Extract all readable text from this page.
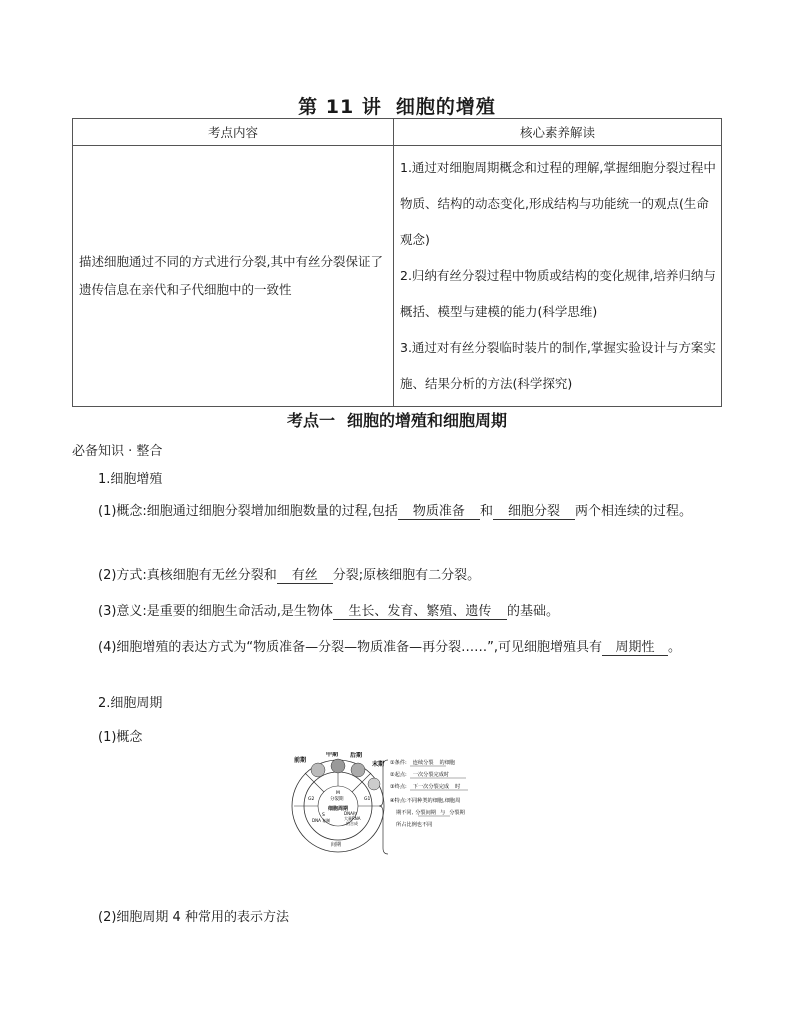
第 11 讲 细胞的增殖
考点内容	核心素养解读
描述细胞通过不同的方式进行分裂,其中有丝分裂保证了遗传信息在亲代和子代细胞中的一致性	1.通过对细胞周期概念和过程的理解,掌握细胞分裂过程中物质、结构的动态变化,形成结构与功能统一的观点(生命观念)
2.归纳有丝分裂过程中物质或结构的变化规律,培养归纳与概括、模型与建模的能力(科学思维)
3.通过对有丝分裂临时装片的制作,掌握实验设计与方案实施、结果分析的方法(科学探究)
考点一 细胞的增殖和细胞周期
必备知识 · 整合
1.细胞增殖
(1)概念:细胞通过细胞分裂增加细胞数量的过程,包括 物质准备 和 细胞分裂 两个相连续的过程。
(2)方式:真核细胞有无丝分裂和 有丝 分裂;原核细胞有二分裂。
(3)意义:是重要的细胞生命活动,是生物体 生长、发育、繁殖、遗传 的基础。
(4)细胞增殖的表达方式为“物质准备—分裂—物质准备—再分裂……”,可见细胞增殖具有 周期性 。
2.细胞周期
(1)概念
前期
中期 后期
末期
M
分裂期
细胞周期
G2	G1
S
DNA 复制
DNA和
大量RNA
的合成
间期
①条件: 连续分裂 的细胞
②起点: 一次分裂完成时
③终点: 下一次分裂完成 时
④特点:不同种类的细胞,细胞周
期不同, 分裂间期 与 分裂期
所占比例也不同
(2)细胞周期 4 种常用的表示方法
